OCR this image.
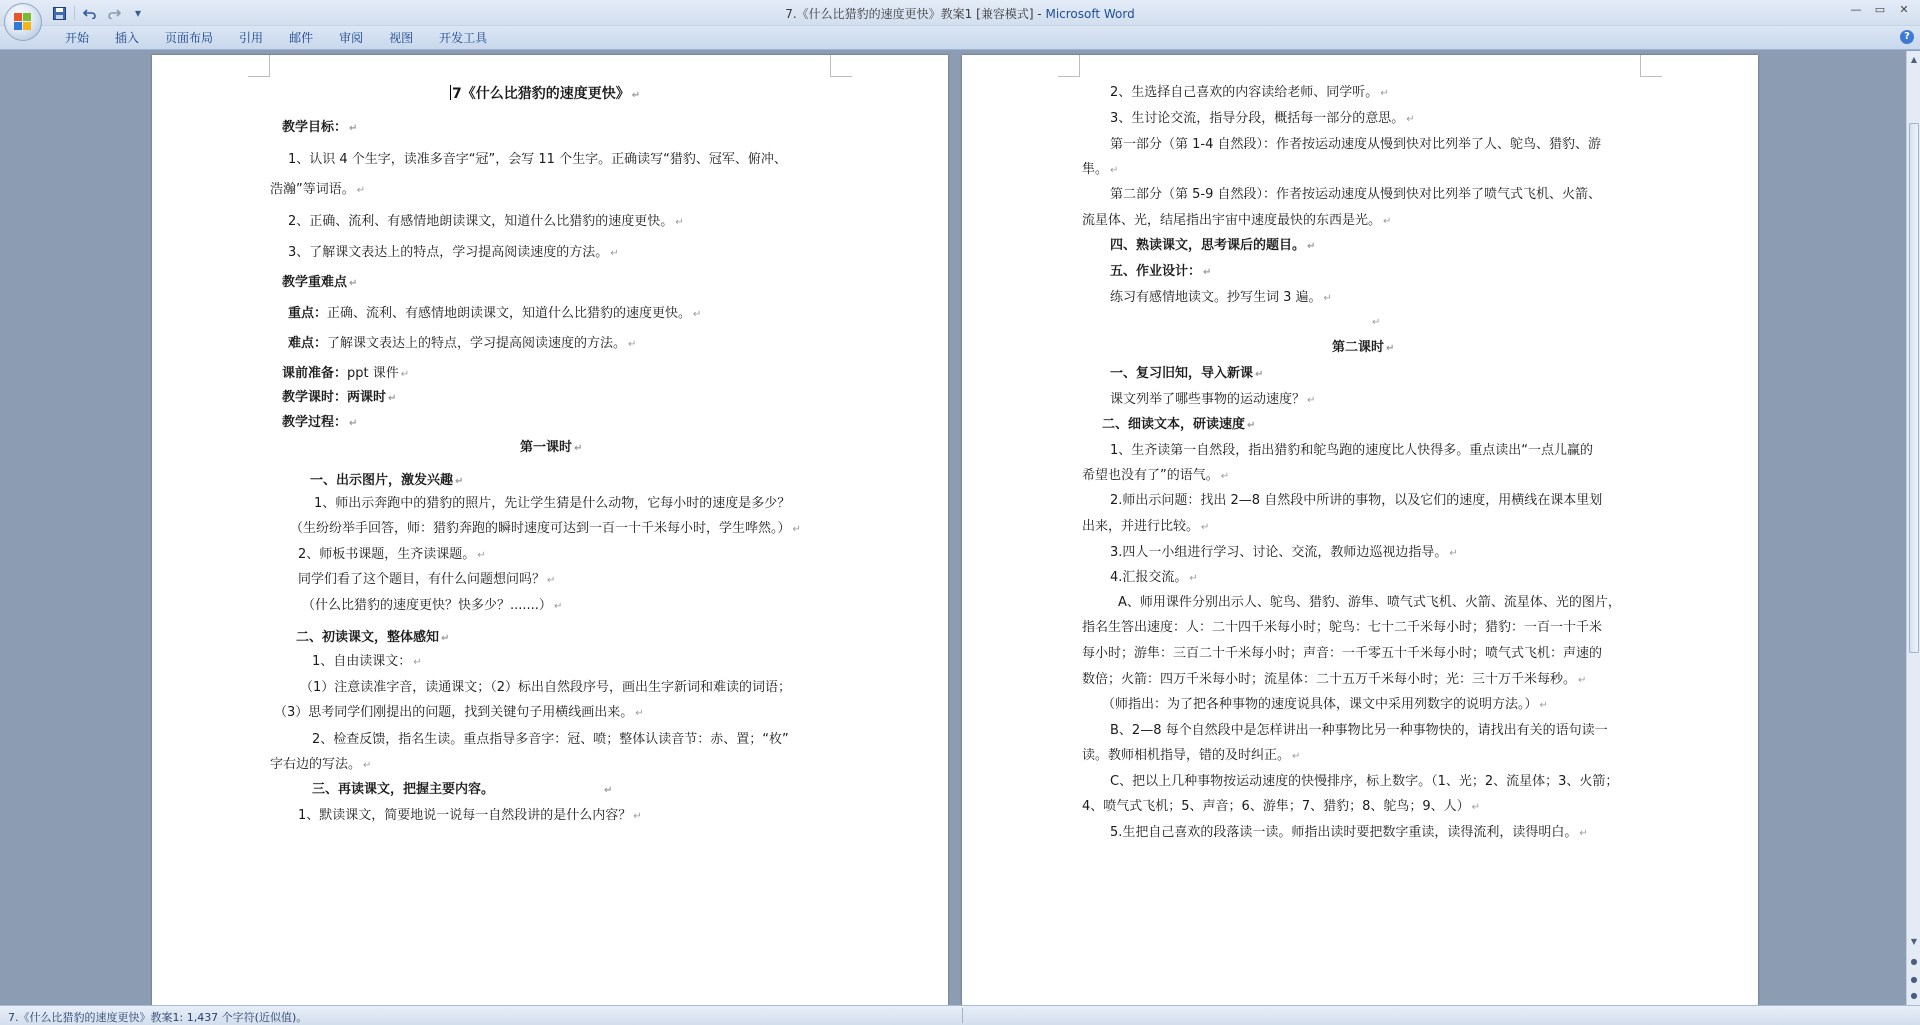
▾	7.《什么比猎豹的速度更快》教案1 [兼容模式] - Microsoft Word	—	▭	✕
开始	插入	页面布局	引用	邮件	审阅	视图	开发工具	?
7《什么比猎豹的速度更快》 ↵
教学目标： ↵
1、认识 4 个生字，读准多音字“冠”，会写 11 个生字。正确读写“猎豹、冠军、俯冲、
浩瀚”等词语。 ↵
2、正确、流利、有感情地朗读课文，知道什么比猎豹的速度更快。 ↵
3、了解课文表达上的特点，学习提高阅读速度的方法。 ↵
教学重难点 ↵
重点：正确、流利、有感情地朗读课文，知道什么比猎豹的速度更快。 ↵
难点：了解课文表达上的特点，学习提高阅读速度的方法。 ↵
课前准备：ppt 课件 ↵
教学课时：两课时 ↵
教学过程： ↵
第一课时 ↵
一、出示图片，激发兴趣 ↵
1、师出示奔跑中的猎豹的照片，先让学生猜是什么动物，它每小时的速度是多少？
（生纷纷举手回答，师：猎豹奔跑的瞬时速度可达到一百一十千米每小时，学生哗然。） ↵
2、师板书课题，生齐读课题。 ↵
同学们看了这个题目，有什么问题想问吗？ ↵
（什么比猎豹的速度更快？快多少？.......） ↵
二、初读课文，整体感知 ↵
1、自由读课文： ↵
（1）注意读准字音，读通课文；（2）标出自然段序号，画出生字新词和难读的词语；
（3）思考同学们刚提出的问题，找到关键句子用横线画出来。 ↵
2、检查反馈，指名生读。重点指导多音字：冠、喷；整体认读音节：赤、置；“枚”
字右边的写法。 ↵
三、再读课文，把握主要内容。	↵
1、默读课文，简要地说一说每一自然段讲的是什么内容？ ↵
2、生选择自己喜欢的内容读给老师、同学听。 ↵
3、生讨论交流，指导分段，概括每一部分的意思。 ↵
第一部分（第 1-4 自然段）：作者按运动速度从慢到快对比列举了人、鸵鸟、猎豹、游
隼。 ↵
第二部分（第 5-9 自然段）：作者按运动速度从慢到快对比列举了喷气式飞机、火箭、
流星体、光，结尾指出宇宙中速度最快的东西是光。 ↵
四、熟读课文，思考课后的题目。 ↵
五、作业设计： ↵
练习有感情地读文。抄写生词 3 遍。 ↵
↵
第二课时 ↵
一、复习旧知，导入新课 ↵
课文列举了哪些事物的运动速度？ ↵
二、细读文本，研读速度 ↵
1、生齐读第一自然段，指出猎豹和鸵鸟跑的速度比人快得多。重点读出“一点儿赢的
希望也没有了”的语气。 ↵
2.师出示问题：找出 2—8 自然段中所讲的事物，以及它们的速度，用横线在课本里划
出来，并进行比较。 ↵
3.四人一小组进行学习、讨论、交流，教师边巡视边指导。 ↵
4.汇报交流。 ↵
A、师用课件分别出示人、鸵鸟、猎豹、游隼、喷气式飞机、火箭、流星体、光的图片，
指名生答出速度：人：二十四千米每小时；鸵鸟：七十二千米每小时；猎豹：一百一十千米
每小时；游隼：三百二十千米每小时；声音：一千零五十千米每小时；喷气式飞机：声速的
数倍；火箭：四万千米每小时；流星体：二十五万千米每小时；光：三十万千米每秒。 ↵
（师指出：为了把各种事物的速度说具体，课文中采用列数字的说明方法。） ↵
B、2—8 每个自然段中是怎样讲出一种事物比另一种事物快的，请找出有关的语句读一
读。教师相机指导，错的及时纠正。 ↵
C、把以上几种事物按运动速度的快慢排序，标上数字。（1、光；2、流星体；3、火箭；
4、喷气式飞机；5、声音；6、游隼；7、猎豹；8、鸵鸟；9、人） ↵
5.生把自己喜欢的段落读一读。师指出读时要把数字重读，读得流利，读得明白。 ↵
▲
▼
●
●
●
7.《什么比猎豹的速度更快》教案1: 1,437 个字符(近似值)。
